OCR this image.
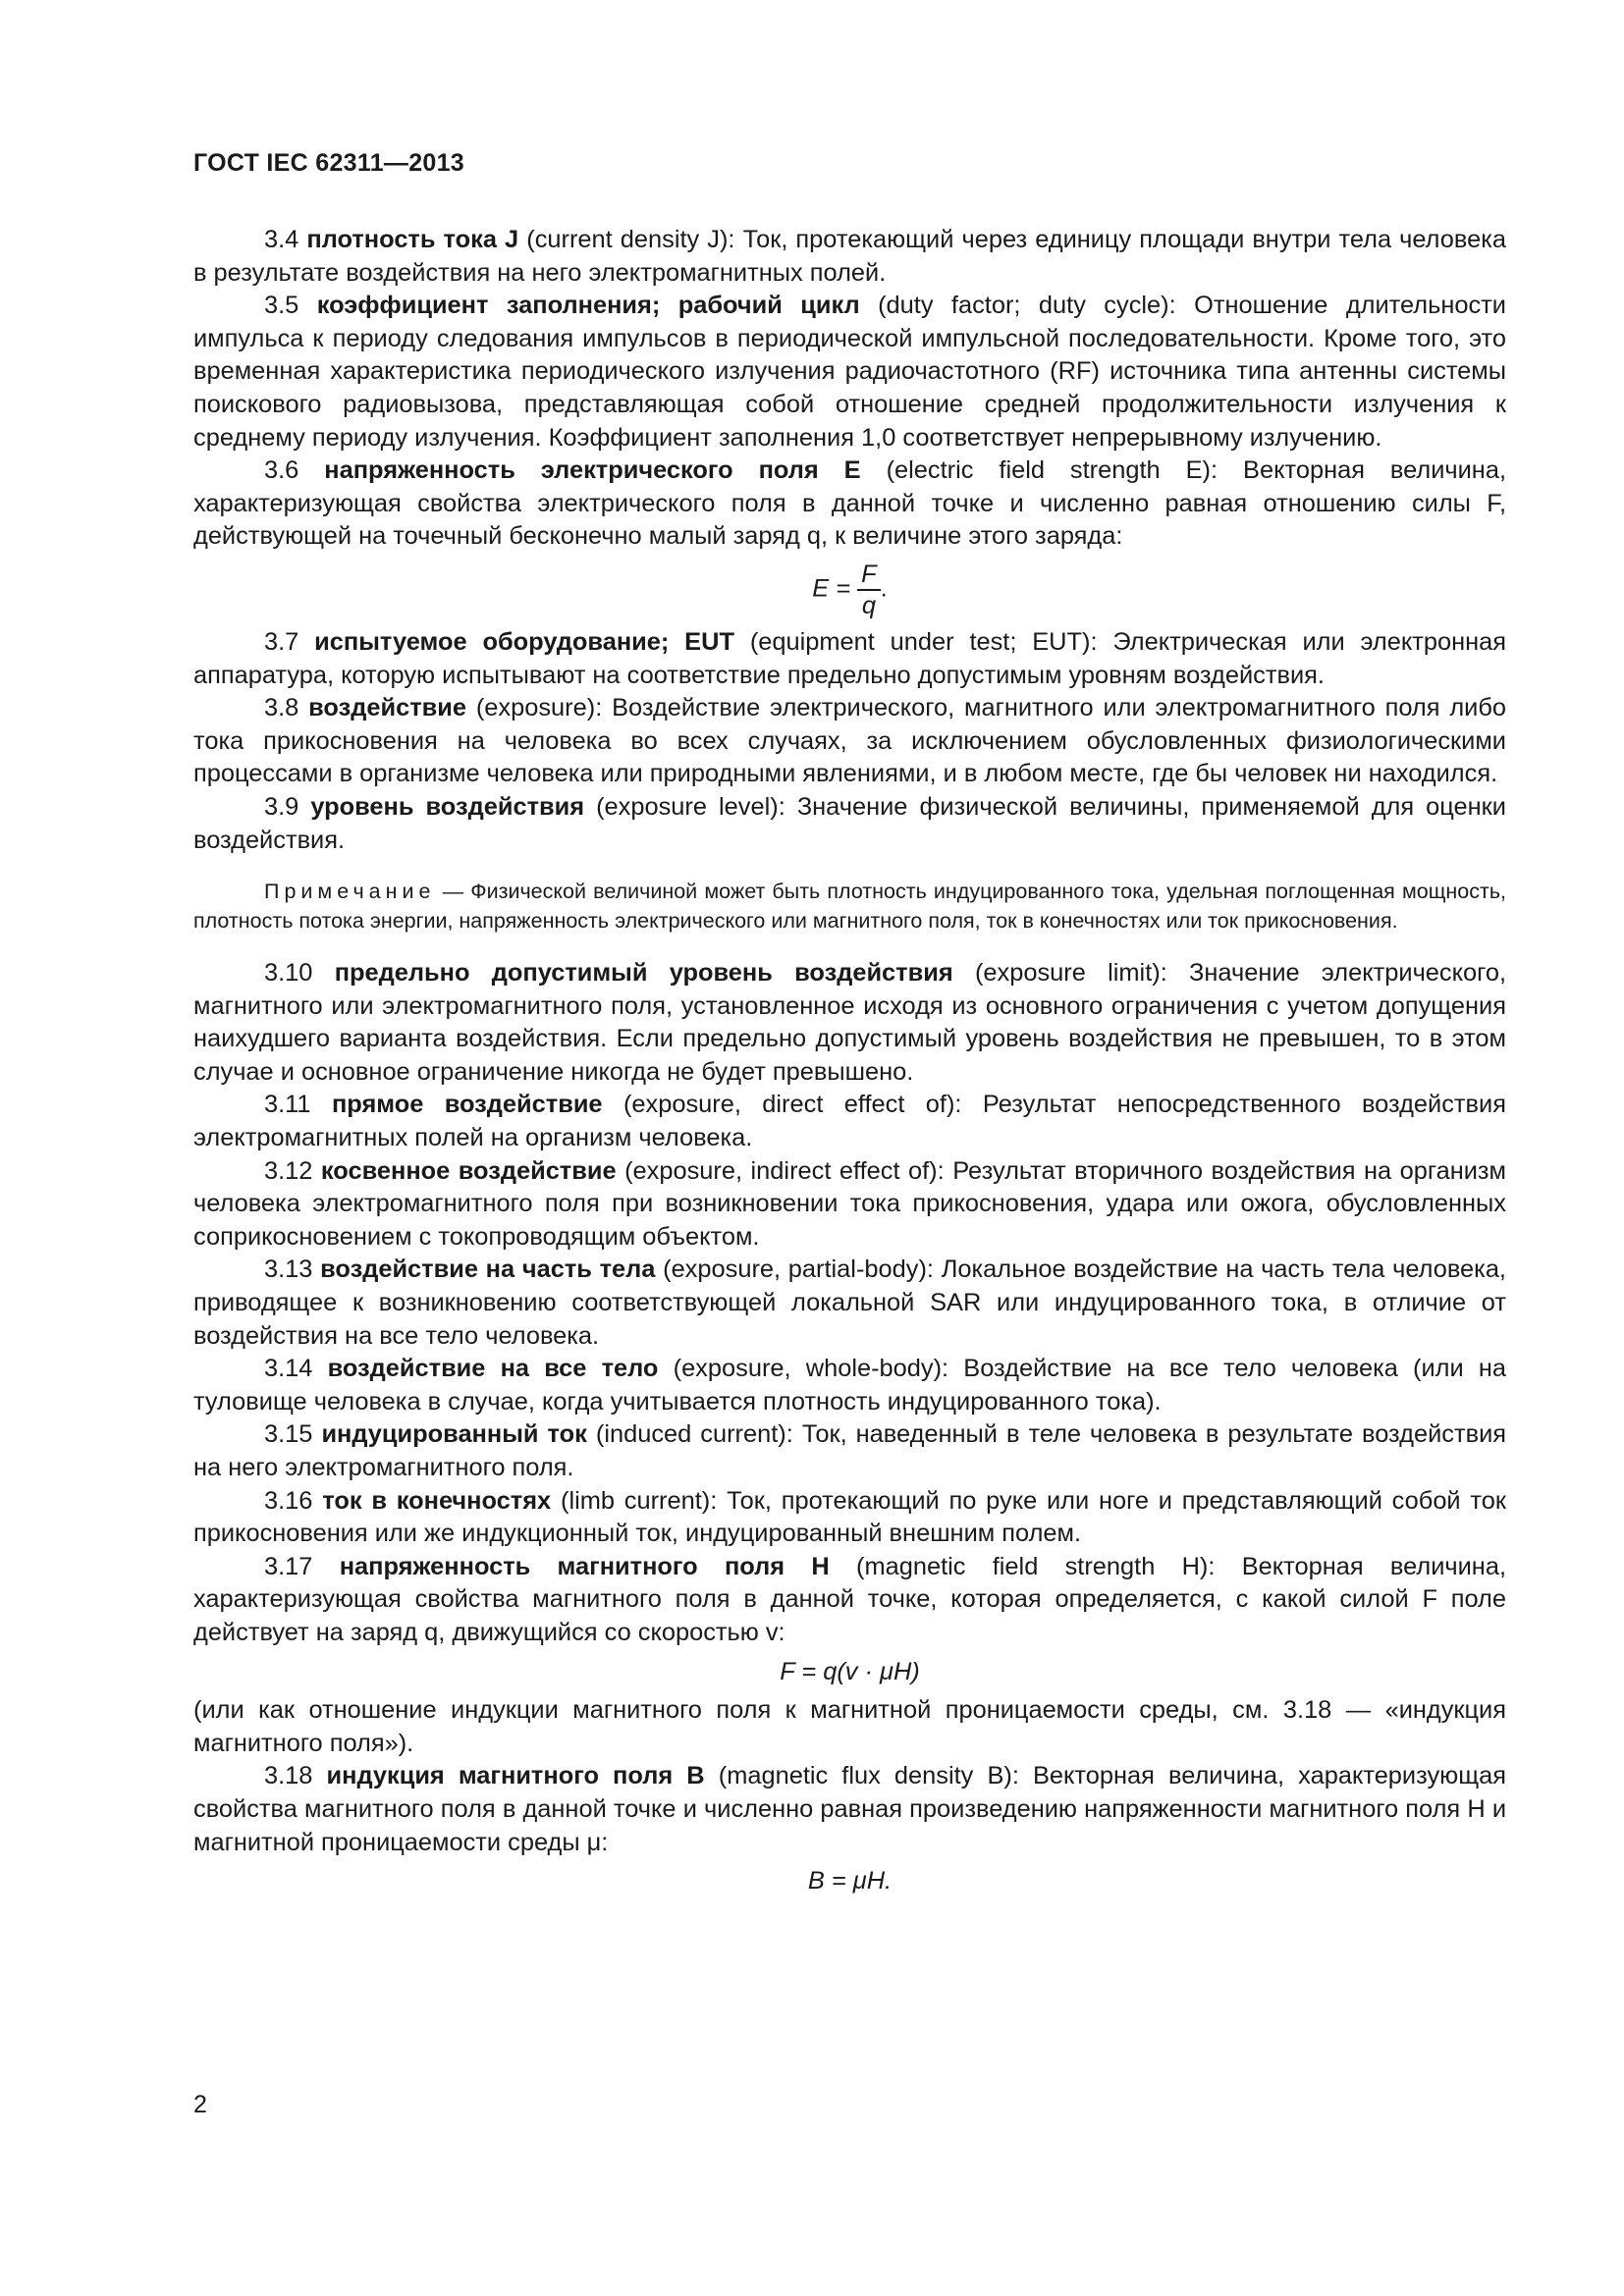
ГОСТ IEC 62311—2013

3.4 плотность тока J (current density J): Ток, протекающий через единицу площади внутри тела человека в результате воздействия на него электромагнитных полей.

3.5 коэффициент заполнения; рабочий цикл (duty factor; duty cycle): Отношение длительности импульса к периоду следования импульсов в периодической импульсной последовательности. Кроме того, это временная характеристика периодического излучения радиочастотного (RF) источника типа антенны системы поискового радиовызова, представляющая собой отношение средней продолжительности излучения к среднему периоду излучения. Коэффициент заполнения 1,0 соответствует непрерывному излучению.

3.6 напряженность электрического поля E (electric field strength E): Векторная величина, характеризующая свойства электрического поля в данной точке и численно равная отношению силы F, действующей на точечный бесконечно малый заряд q, к величине этого заряда:

$E = \frac{F}{q}$ .

3.7 испытуемое оборудование; EUT (equipment under test; EUT): Электрическая или электронная аппаратура, которую испытывают на соответствие предельно допустимым уровням воздействия.

3.8 воздействие (exposure): Воздействие электрического, магнитного или электромагнитного поля либо тока прикосновения на человека во всех случаях, за исключением обусловленных физиологическими процессами в организме человека или природными явлениями, и в любом месте, где бы человек ни находился.

3.9 уровень воздействия (exposure level): Значение физической величины, применяемой для оценки воздействия.

Примечание — Физической величиной может быть плотность индуцированного тока, удельная поглощенная мощность, плотность потока энергии, напряженность электрического или магнитного поля, ток в конечностях или ток прикосновения.

3.10 предельно допустимый уровень воздействия (exposure limit): Значение электрического, магнитного или электромагнитного поля, установленное исходя из основного ограничения с учетом допущения наихудшего варианта воздействия. Если предельно допустимый уровень воздействия не превышен, то в этом случае и основное ограничение никогда не будет превышено.

3.11 прямое воздействие (exposure, direct effect of): Результат непосредственного воздействия электромагнитных полей на организм человека.

3.12 косвенное воздействие (exposure, indirect effect of): Результат вторичного воздействия на организм человека электромагнитного поля при возникновении тока прикосновения, удара или ожога, обусловленных соприкосновением с токопроводящим объектом.

3.13 воздействие на часть тела (exposure, partial-body): Локальное воздействие на часть тела человека, приводящее к возникновению соответствующей локальной SAR или индуцированного тока, в отличие от воздействия на все тело человека.

3.14 воздействие на все тело (exposure, whole-body): Воздействие на все тело человека (или на туловище человека в случае, когда учитывается плотность индуцированного тока).

3.15 индуцированный ток (induced current): Ток, наведенный в теле человека в результате воздействия на него электромагнитного поля.

3.16 ток в конечностях (limb current): Ток, протекающий по руке или ноге и представляющий собой ток прикосновения или же индукционный ток, индуцированный внешним полем.

3.17 напряженность магнитного поля H (magnetic field strength H): Векторная величина, характеризующая свойства магнитного поля в данной точке, которая определяется, с какой силой F поле действует на заряд q, движущийся со скоростью v:

F = q(v · μH)

(или как отношение индукции магнитного поля к магнитной проницаемости среды, см. 3.18 — «индукция магнитного поля»).

3.18 индукция магнитного поля B (magnetic flux density B): Векторная величина, характеризующая свойства магнитного поля в данной точке и численно равная произведению напряженности магнитного поля H и магнитной проницаемости среды μ:

B = μH.
2
